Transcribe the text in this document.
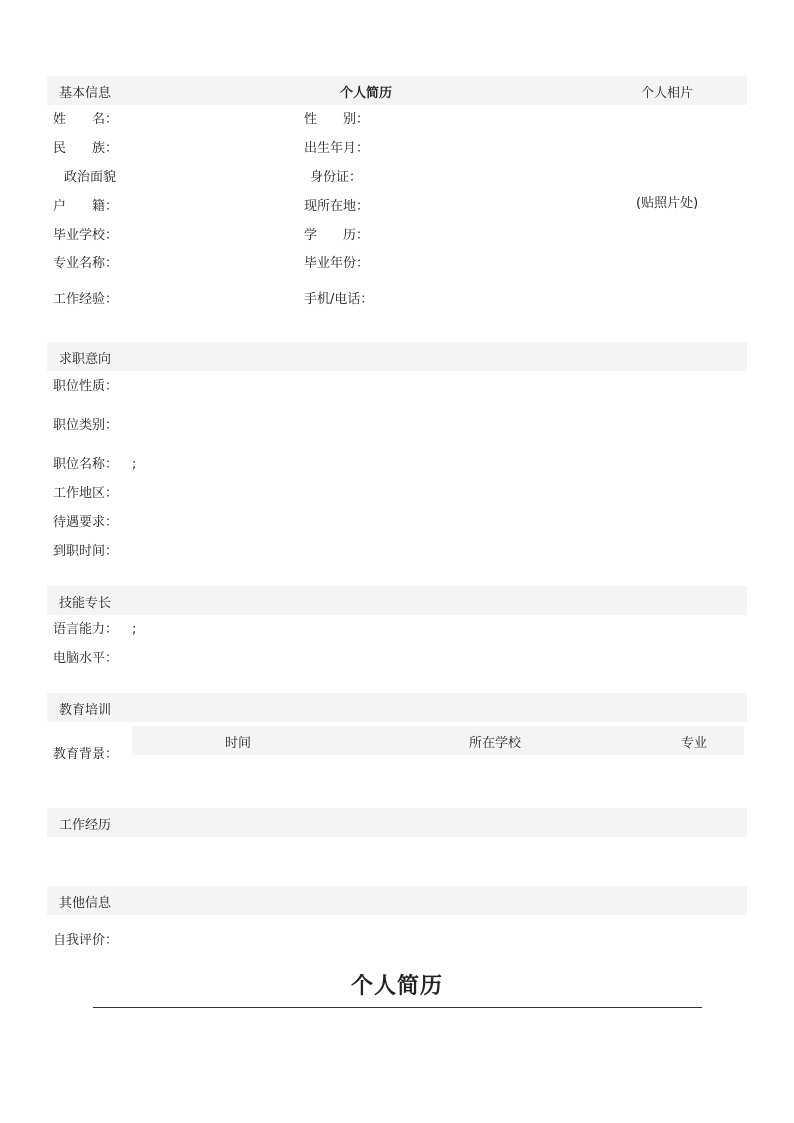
基本信息	个人简历	个人相片
姓　　名：	性　　别：
民　　族：	出生年月：
政治面貌	身份证：
户　　籍：	现所在地：	(贴照片处)
毕业学校：	学　　历：
专业名称：	毕业年份：
工作经验：	手机/电话：
求职意向
职位性质：
职位类别：
职位名称： ;
工作地区：
待遇要求：
到职时间：
技能专长
语言能力： ;
电脑水平：
教育培训
教育背景：
时间	所在学校	专业
工作经历
其他信息
自我评价：
个人简历
